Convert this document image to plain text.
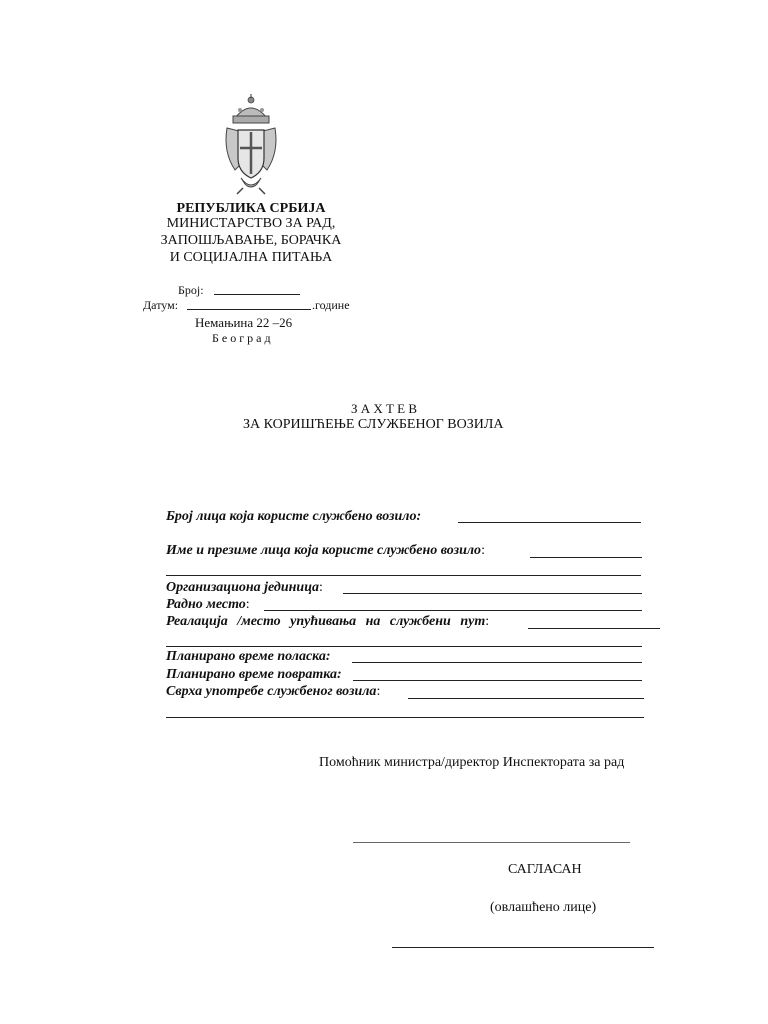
РЕПУБЛИКА СРБИЈА
МИНИСТАРСТВО ЗА РАД,
ЗАПОШЉАВАЊЕ, БОРАЧКА
И СОЦИЈАЛНА ПИТАЊА
Број:
Датум:	.године
Немањина 22 –26
Б е о г р а д
З А Х Т Е В
ЗА КОРИШЋЕЊЕ СЛУЖБЕНОГ ВОЗИЛА
Број лица која користе службено возило:
Име и презиме лица која користе службено возило:
Организациона јединица:
Радно место:
Реалација /место упућивања на службени пут:
Планирано време поласка:
Планирано време повратка:
Сврха употребе службеног возила:
Помоћник министра/директор Инспектората за рад
САГЛАСАН
(овлашћено лице)
